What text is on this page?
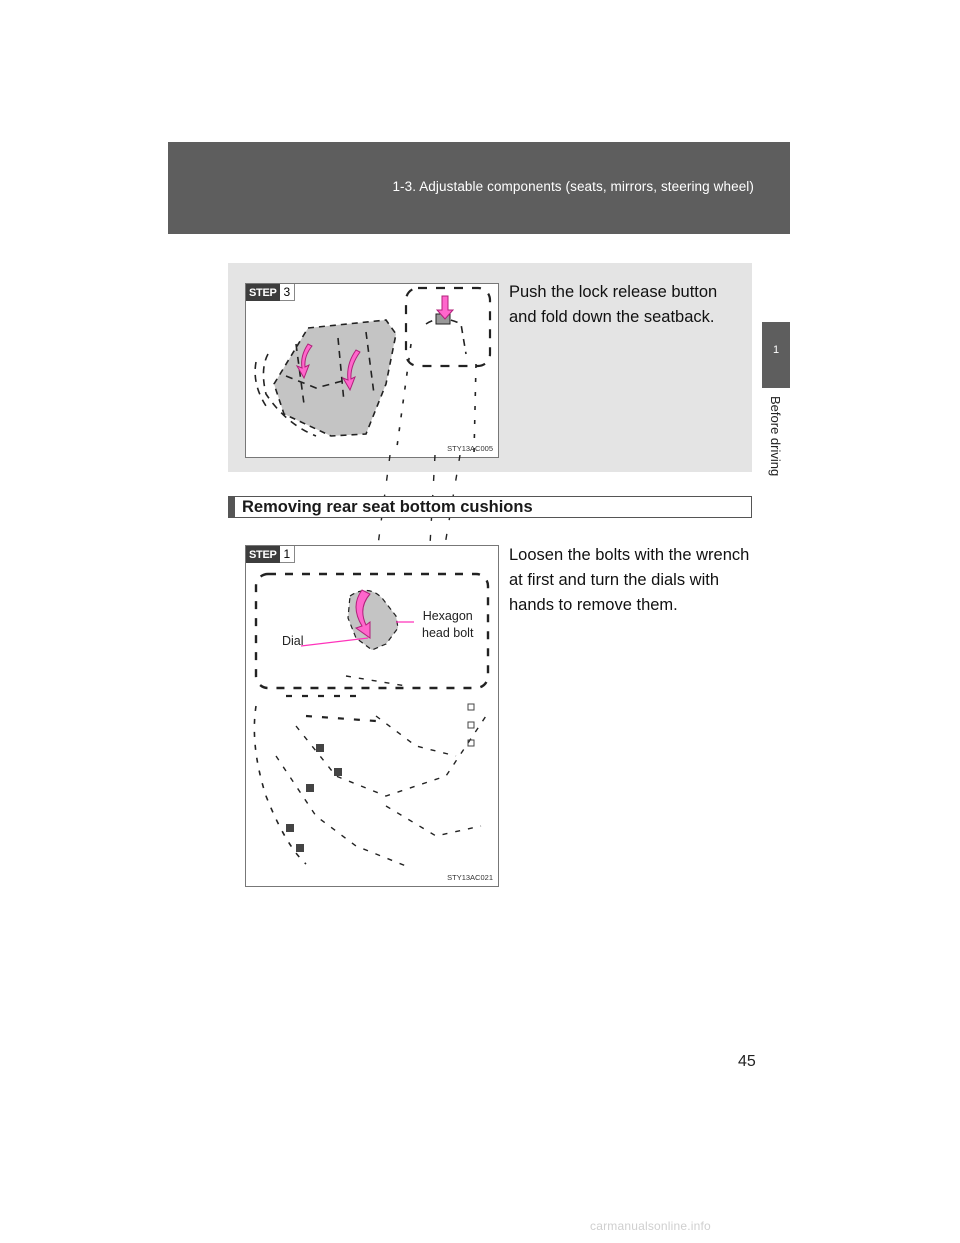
1-3. Adjustable components (seats, mirrors, steering wheel)
1
Before driving
STEP 3
STY13AC005
Push the lock release button and fold down the seatback.
Removing rear seat bottom cushions
STEP 1
Hexagon
head bolt
Dial
STY13AC021
Loosen the bolts with the wrench at first and turn the dials with hands to remove them.
45
carmanualsonline.info
